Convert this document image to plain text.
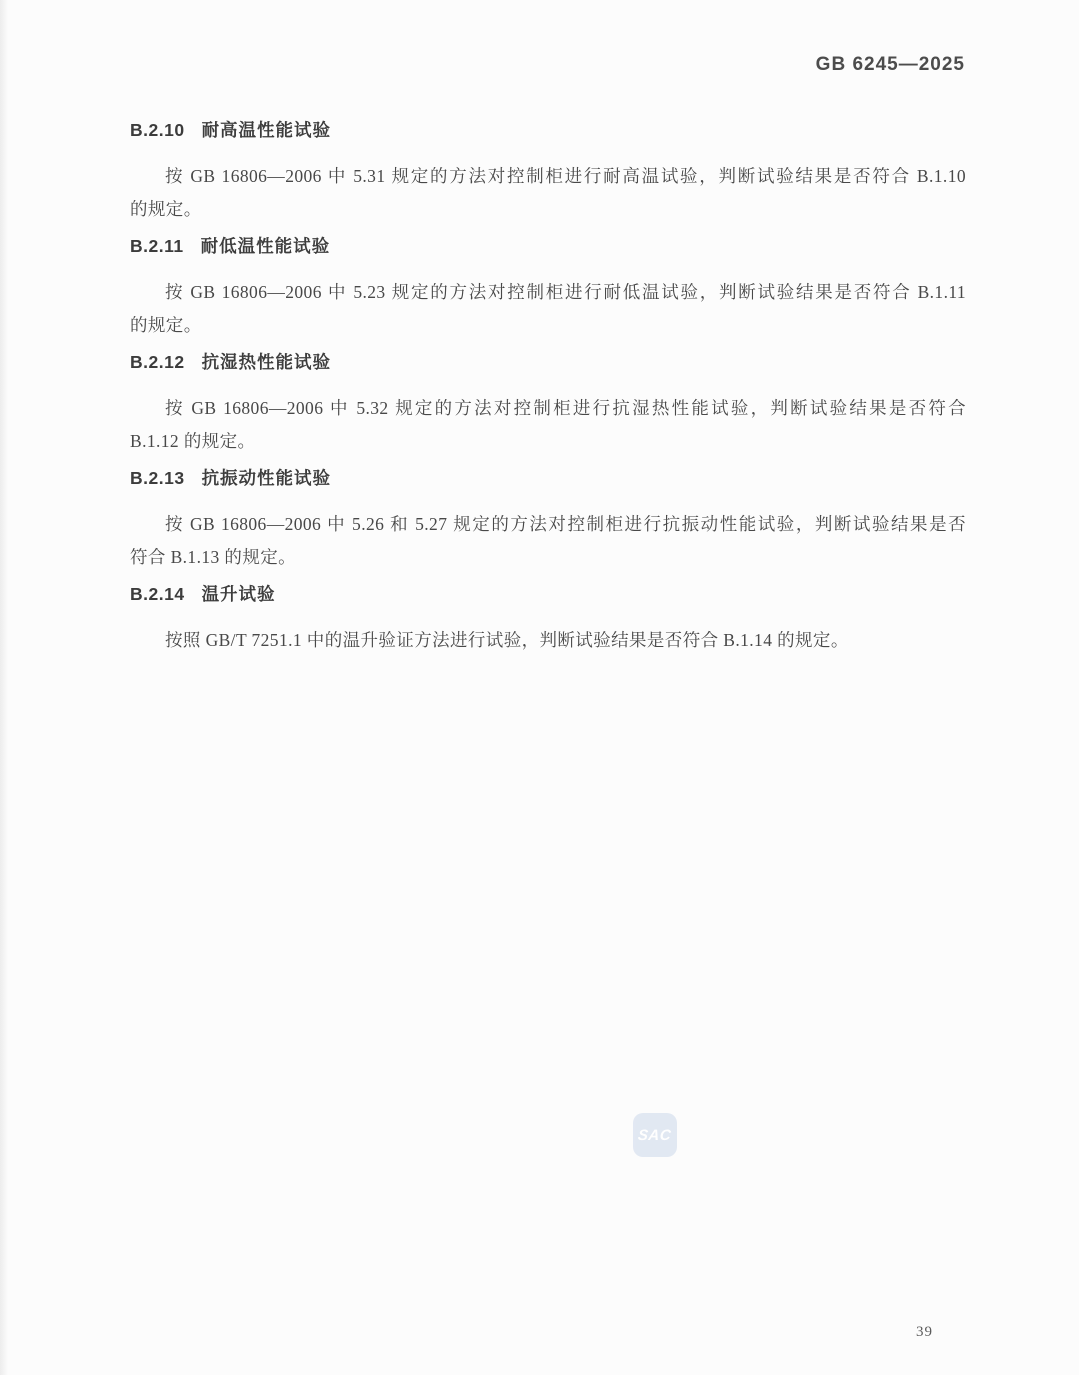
GB 6245—2025
B.2.10 耐高温性能试验

按 GB 16806—2006 中 5.31 规定的方法对控制柜进行耐高温试验，判断试验结果是否符合 B.1.10
的规定。

B.2.11 耐低温性能试验

按 GB 16806—2006 中 5.23 规定的方法对控制柜进行耐低温试验，判断试验结果是否符合 B.1.11
的规定。

B.2.12 抗湿热性能试验

按 GB 16806—2006 中 5.32 规定的方法对控制柜进行抗湿热性能试验，判断试验结果是否符合
B.1.12 的规定。

B.2.13 抗振动性能试验

按 GB 16806—2006 中 5.26 和 5.27 规定的方法对控制柜进行抗振动性能试验，判断试验结果是否
符合 B.1.13 的规定。

B.2.14 温升试验

按照 GB/T 7251.1 中的温升验证方法进行试验，判断试验结果是否符合 B.1.14 的规定。

SAC
39
